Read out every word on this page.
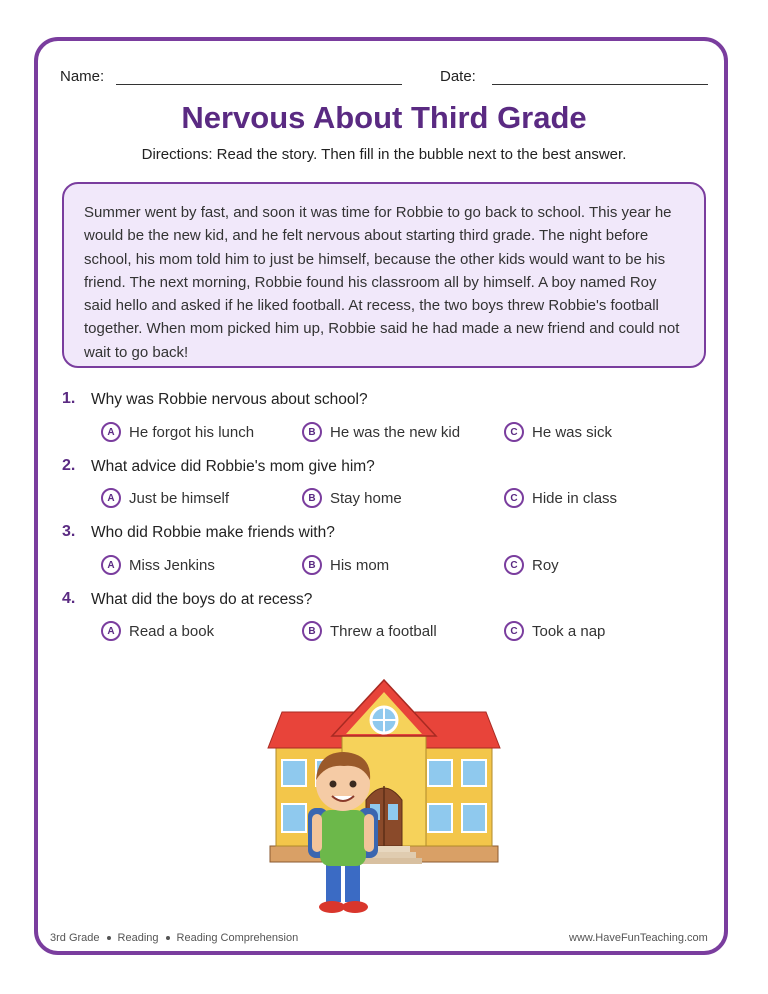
Name:	Date:
Nervous About Third Grade
Directions: Read the story. Then fill in the bubble next to the best answer.
Summer went by fast, and soon it was time for Robbie to go back to school. This year he would be the new kid, and he felt nervous about starting third grade. The night before school, his mom told him to just be himself, because the other kids would want to be his friend. The next morning, Robbie found his classroom all by himself. A boy named Roy said hello and asked if he liked football. At recess, the two boys threw Robbie's football together. When mom picked him up, Robbie said he had made a new friend and could not wait to go back!
1. Why was Robbie nervous about school?
A He forgot his lunch	B He was the new kid	C He was sick
2. What advice did Robbie's mom give him?
A Just be himself	B Stay home	C Hide in class
3. Who did Robbie make friends with?
A Miss Jenkins	B His mom	C Roy
4. What did the boys do at recess?
A Read a book	B Threw a football	C Took a nap
3rd Grade Reading Reading Comprehension	www.HaveFunTeaching.com
